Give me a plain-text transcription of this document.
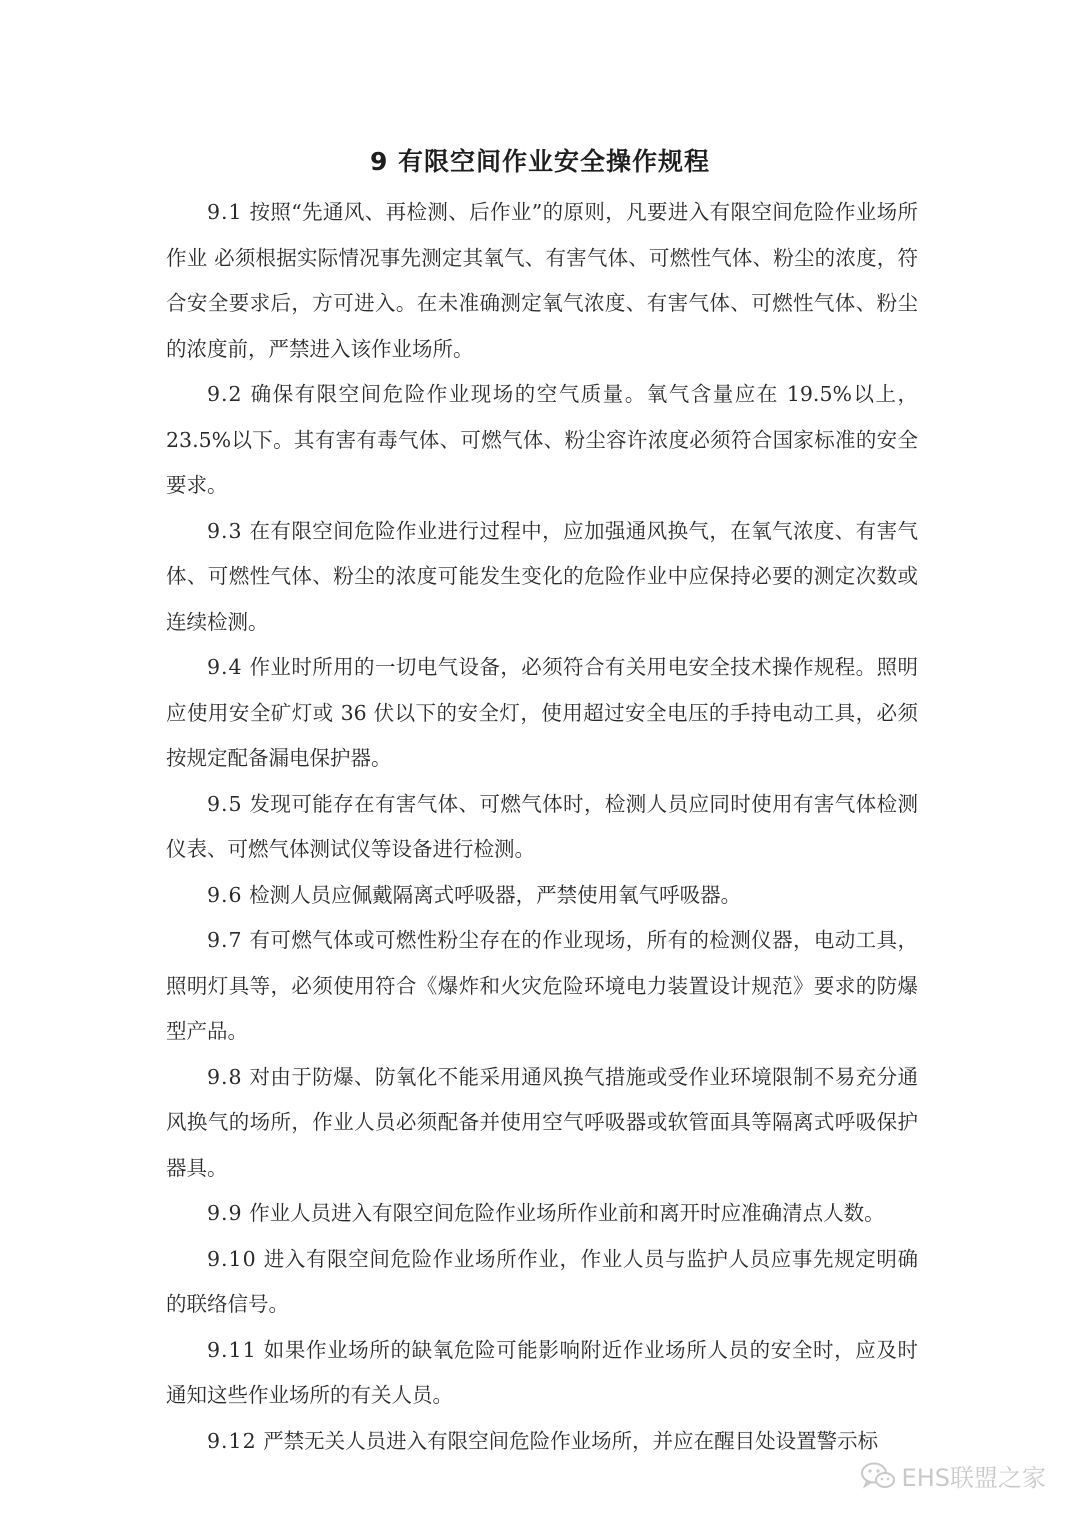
9 有限空间作业安全操作规程

9.1 按照“先通风、再检测、后作业”的原则，凡要进入有限空间危险作业场所作业 必须根据实际情况事先测定其氧气、有害气体、可燃性气体、粉尘的浓度，符合安全要求后，方可进入。在未准确测定氧气浓度、有害气体、可燃性气体、粉尘的浓度前，严禁进入该作业场所。

9.2 确保有限空间危险作业现场的空气质量。氧气含量应在 19.5%以上，23.5%以下。其有害有毒气体、可燃气体、粉尘容许浓度必须符合国家标准的安全要求。

9.3 在有限空间危险作业进行过程中，应加强通风换气，在氧气浓度、有害气体、可燃性气体、粉尘的浓度可能发生变化的危险作业中应保持必要的测定次数或连续检测。

9.4 作业时所用的一切电气设备，必须符合有关用电安全技术操作规程。照明应使用安全矿灯或 36 伏以下的安全灯，使用超过安全电压的手持电动工具，必须按规定配备漏电保护器。

9.5 发现可能存在有害气体、可燃气体时，检测人员应同时使用有害气体检测仪表、可燃气体测试仪等设备进行检测。

9.6 检测人员应佩戴隔离式呼吸器，严禁使用氧气呼吸器。

9.7 有可燃气体或可燃性粉尘存在的作业现场，所有的检测仪器，电动工具，照明灯具等，必须使用符合《爆炸和火灾危险环境电力装置设计规范》要求的防爆型产品。

9.8 对由于防爆、防氧化不能采用通风换气措施或受作业环境限制不易充分通风换气的场所，作业人员必须配备并使用空气呼吸器或软管面具等隔离式呼吸保护器具。

9.9 作业人员进入有限空间危险作业场所作业前和离开时应准确清点人数。

9.10 进入有限空间危险作业场所作业，作业人员与监护人员应事先规定明确的联络信号。

9.11 如果作业场所的缺氧危险可能影响附近作业场所人员的安全时，应及时通知这些作业场所的有关人员。

9.12 严禁无关人员进入有限空间危险作业场所，并应在醒目处设置警示标

EHS联盟之家
